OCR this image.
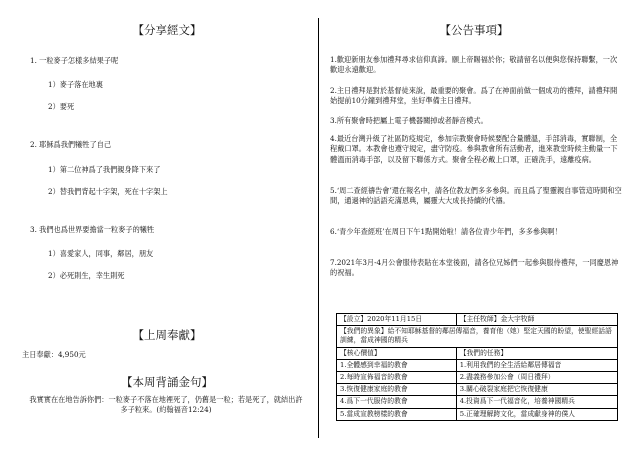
【分享經文】
1. 一粒麥子怎樣多結果子呢
1）麥子落在地裏
2）要死
2. 耶穌爲我們犧牲了自己
1）第二位神爲了我們親身降下來了
2）替我們背起十字架，死在十字架上
3. 我們也爲世界要擔當一粒麥子的犧牲
1）喜愛家人，同事，鄰居，朋友
2）必死則生，幸生則死
【上周奉獻】
主日奉獻：4,950元
【本周背誦金句】
我實實在在地告訴你們：一粒麥子不落在地裡死了，仍舊是一粒；若是死了，就結出許多子粒來。(約翰福音12:24)
【公告事項】
1.歡迎新朋友參加禮拜尋求信仰真諦。願上帝賜福於你；敬請留名以便與您保持聯繫，一次歡迎永遠歡迎。
2.主日禮拜是對於基督徒來說，最重要的聚會。爲了在神面前做一個成功的禮拜，請禮拜開始提前10分鐘到禮拜堂，坐好準備主日禮拜。
3.所有聚會時把屬上電子機器關掉或者靜音模式。
4.最近台灣升級了社區防疫規定，參加宗教聚會時候要配合量體溫，手部消毒，實聯制，全程戴口罩。本教會也遵守規定，盡守防疫。參與教會所有活動者，進來教堂時候主動量一下體溫而消毒手部，以及留下聯係方式。聚會全程必戴上口罩，正確洗手，遠離疫病。
5.‘周二查經禱告會’還在報名中，請各位教友們多多參與。而且爲了聖靈親自事管這時間和空間，通過神的話語充滿恩典，屬靈大大成長持續的代禱。
6.‘青少年查經班’在周日下午1點開始啦！請各位青少年們，多多參與啊！
7.2021年3月-4月公會服侍表貼在本堂後面，請各位兄姊們一起參與服侍禮拜，一同慶恩神的祝福。
【設立】2020年11月15日	【主任牧師】金大宇牧師
【我們的異象】給不知耶穌基督的鄰居傳福音，養育他（她）堅定天國的盼望，使聖經話語訓練，當成神國的精兵	
【核心價值】	【我們的任務】
1.全體感到幸福的教會	1.利用我們的全生活給鄰居傳福音
2.每時宣佈福音的教會	2.盡義務參加公會（周日禮拜）
3.恢復健康家庭的教會	3.關心破裂家庭把它恢復健康
4.爲下一代服侍的教會	4.投資爲下一代福音化，培養神國精兵
5.當成宣教榜樣的教會	5.正確理解跨文化，當成獻身神的僕人
